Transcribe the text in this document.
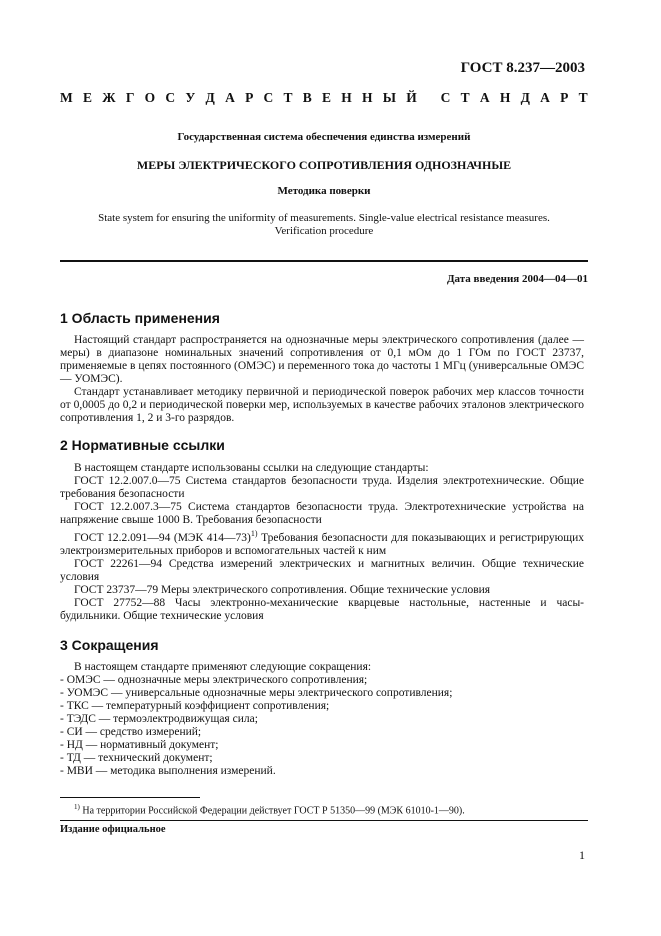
ГОСТ 8.237—2003
М Е Ж Г О С У Д А Р С Т В Е Н Н Ы Й
С Т А Н Д А Р Т
Государственная система обеспечения единства измерений
МЕРЫ ЭЛЕКТРИЧЕСКОГО СОПРОТИВЛЕНИЯ ОДНОЗНАЧНЫЕ
Методика поверки
State system for ensuring the uniformity of measurements. Single-value electrical resistance measures.
Verification procedure
Дата введения 2004—04—01
1 Область применения

Настоящий стандарт распространяется на однозначные меры электрического сопротивления (далее — меры) в диапазоне номинальных значений сопротивления от 0,1 мОм до 1 ГОм по ГОСТ 23737, применяемые в цепях постоянного (ОМЭС) и переменного тока до частоты 1 МГц (универсальные ОМЭС — УОМЭС).

Стандарт устанавливает методику первичной и периодической поверок рабочих мер классов точности от 0,0005 до 0,2 и периодической поверки мер, используемых в качестве рабочих эталонов электрического сопротивления 1, 2 и 3-го разрядов.

2 Нормативные ссылки

В настоящем стандарте использованы ссылки на следующие стандарты:

ГОСТ 12.2.007.0—75 Система стандартов безопасности труда. Изделия электротехнические. Общие требования безопасности

ГОСТ 12.2.007.3—75 Система стандартов безопасности труда. Электротехнические устройства на напряжение свыше 1000 В. Требования безопасности

ГОСТ 12.2.091—94 (МЭК 414—73)$^{1)}$ Требования безопасности для показывающих и регистрирующих электроизмерительных приборов и вспомогательных частей к ним

ГОСТ 22261—94 Средства измерений электрических и магнитных величин. Общие технические условия

ГОСТ 23737—79 Меры электрического сопротивления. Общие технические условия

ГОСТ 27752—88 Часы электронно-механические кварцевые настольные, настенные и часы-будильники. Общие технические условия

3 Сокращения
В настоящем стандарте применяют следующие сокращения:
- ОМЭС — однозначные меры электрического сопротивления;
- УОМЭС — универсальные однозначные меры электрического сопротивления;
- ТКС — температурный коэффициент сопротивления;
- ТЭДС — термоэлектродвижущая сила;
- СИ — средство измерений;
- НД — нормативный документ;
- ТД — технический документ;
- МВИ — методика выполнения измерений.
$^{1)}$ На территории Российской Федерации действует ГОСТ Р 51350—99 (МЭК 61010-1—90).
Издание официальное
1
